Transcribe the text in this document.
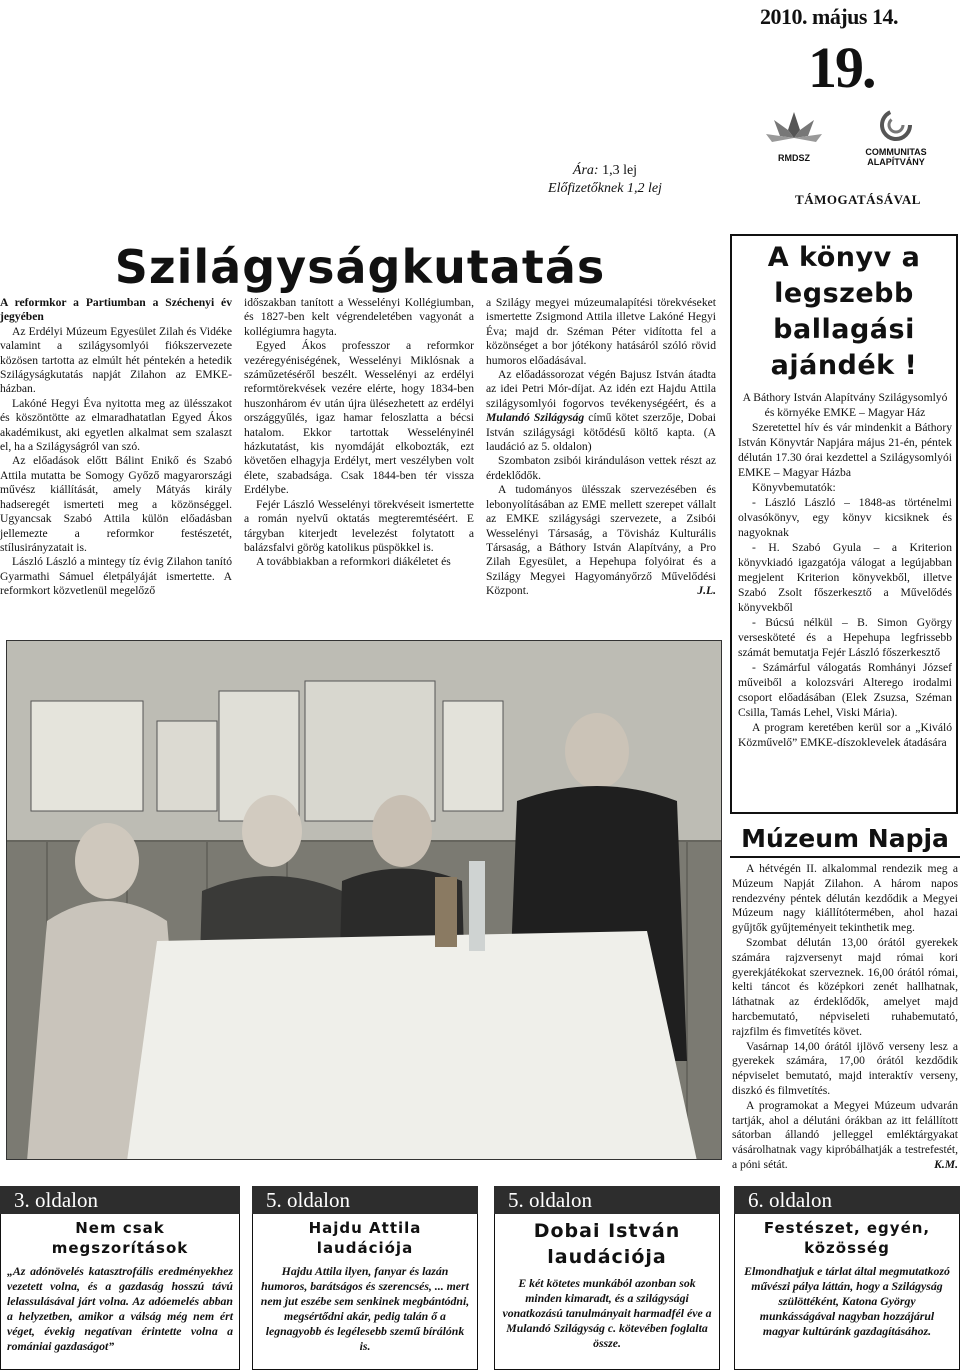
2010. május 14.
19.
RMDSZ
COMMUNITAS
ALAPÍTVÁNY
Ára: 1,3 lej
Előfizetőknek 1,2 lej
TÁMOGATÁSÁVAL
Szilágyságkutatás

A reformkor a Partiumban a Széchenyi év jegyében

Az Erdélyi Múzeum Egyesület Zilah és Vidéke valamint a szilágysomlyói fiókszervezete közösen tartotta az elmúlt hét péntekén a hetedik Szilágyságkutatás napját Zilahon az EMKE-házban.

Lakóné Hegyi Éva nyitotta meg az ülésszakot és köszöntötte az elmaradhatatlan Egyed Ákos akadémikust, aki egyetlen alkalmat sem szalaszt el, ha a Szilágyságról van szó.

Az előadások előtt Bálint Enikő és Szabó Attila mutatta be Somogy Győző magyarországi művész kiállítását, amely Mátyás király hadseregét ismerteti meg a közönséggel. Ugyancsak Szabó Attila külön előadásban jellemezte a reformkor festészetét, stílusirányzatait is.

László László a mintegy tíz évig Zilahon tanító Gyarmathi Sámuel életpályáját ismertette. A reformkort közvetlenül megelőző

időszakban tanított a Wesselényi Kollégiumban, és 1827-ben kelt végrendeletében vagyonát a kollégiumra hagyta.

Egyed Ákos professzor a reformkor vezéregyéniségének, Wesselényi Miklósnak a számŭzetéséről beszélt. Wesselényi az erdélyi reformtörekvések vezére elérte, hogy 1834-ben huszonhárom év után újra ülésezhetett az erdélyi országgyűlés, igaz hamar feloszlatta a bécsi hatalom. Ekkor tartottak Wesselényinél házkutatást, kis nyomdáját elkobozták, ezt követően elhagyja Erdélyt, mert veszélyben volt élete, szabadsága. Csak 1844-ben tér vissza Erdélybe.

Fejér László Wesselényi törekvéseit ismertette a román nyelvű oktatás megteremtéséért. E tárgyban kiterjedt levelezést folytatott a balázsfalvi görög katolikus püspökkel is.

A továbbiakban a reformkori diákéletet és

a Szilágy megyei múzeumalapítési törekvéseket ismertette Zsigmond Attila illetve Lakóné Hegyi Éva; majd dr. Széman Péter vidította fel a közönséget a bor jótékony hatásáról szóló rövid humoros előadásával.

Az előadássorozat végén Bajusz István átadta az idei Petri Mór-díjat. Az idén ezt Hajdu Attila szilágysomlyói fogorvos tevékenységéért, és a Mulandó Szilágyság című kötet szerzője, Dobai István szilágysági kötődésű költő kapta. (A laudáció az 5. oldalon)

Szombaton zsibói kiránduláson vettek részt az érdeklődők.

A tudományos ülésszak szervezésében és lebonyolításában az EME mellett szerepet vállalt az EMKE szilágysági szervezete, a Zsibói Wesselényi Társaság, a Tövisház Kulturális Társaság, a Báthory István Alapítvány, a Pro Zilah Egyesület, a Hepehupa folyóirat és a Szilágy Megyei Hagyományőrző Művelődési Központ.	J.L.

A könyv a legszebb ballagási ajándék !

A Báthory István Alapítvány Szilágysomlyó és környéke EMKE – Magyar Ház

Szeretettel hív és vár mindenkit a Báthory István Könyvtár Napjára május 21-én, péntek délután 17.30 órai kezdettel a Szilágysomlyói EMKE – Magyar Házba

Könyvbemutatók:

- László László – 1848-as történelmi olvasókönyv, egy könyv kicsiknek és nagyoknak

- H. Szabó Gyula – a Kriterion könyvkiadó igazgatója válogat a legújabban megjelent Kriterion könyvekből, illetve Szabó Zsolt főszerkesztő a Művelődés könyvekből

- Búcsú nélkül – B. Simon György versesköteté és a Hepehupa legfrissebb számát bemutatja Fejér László főszerkesztő

- Számárful válogatás Romhányi József műveiből a kolozsvári Alterego irodalmi csoport előadásában (Elek Zsuzsa, Széman Csilla, Tamás Lehel, Viski Mária).

A program keretében kerül sor a „Kiváló Közművelő” EMKE-díszoklevelek átadására

Múzeum Napja

A hétvégén II. alkalommal rendezik meg a Múzeum Napját Zilahon. A három napos rendezvény péntek délután kezdődik a Megyei Múzeum nagy kiállítótermében, ahol hazai gyűjtők gyűjteményeit tekinthetik meg.

Szombat délután 13,00 órától gyerekek számára rajzversenyt majd római kori gyerekjátékokat szerveznek. 16,00 órától római, kelti táncot és középkori zenét hallhatnak, láthatnak az érdeklődők, amelyet majd harcbemutató, népviseleti ruhabemutató, rajzfilm és fimvetítés követ.

Vasárnap 14,00 órától ijlövő verseny lesz a gyerekek számára, 17,00 órától kezdődik népviselet bemutató, majd interaktív verseny, diszkó és filmvetítés.

A programokat a Megyei Múzeum udvarán tartják, ahol a délutáni órákban az itt felállított sátorban állandó jelleggel emléktárgyakat vásárolhatnak vagy kipróbálhatják a testrefestét, a póni sétát.	K.M.

3. oldalon
Nem csak megszorítások
„Az adónövelés katasztrofális eredményekhez vezetett volna, és a gazdaság hosszú távú lelassulásával járt volna. Az adóemelés abban a helyzetben, amikor a válság még nem ért véget, évekig negatívan érintette volna a romániai gazdaságot”
5. oldalon
Hajdu Attila laudációja
Hajdu Attila ilyen, fanyar és lazán humoros, barátságos és szerencsés, ... mert nem jut eszébe sem senkinek megbántódni, megsértődni akár, pedig talán ő a legnagyobb és legélesebb szemű bírálónk is.
5. oldalon
Dobai István laudációja
E két kötetes munkából azonban sok minden kimaradt, és a szilágysági vonatkozású tanulmányait harmadfél éve a Mulandó Szilágyság c. kötevében foglalta össze.
6. oldalon
Festészet, egyén, közösség
Elmondhatjuk e tárlat által megmutatkozó művészi pálya láttán, hogy a Szilágyság szülöttéként, Katona György munkásságával nagyban hozzájárul magyar kultúránk gazdagításához.
